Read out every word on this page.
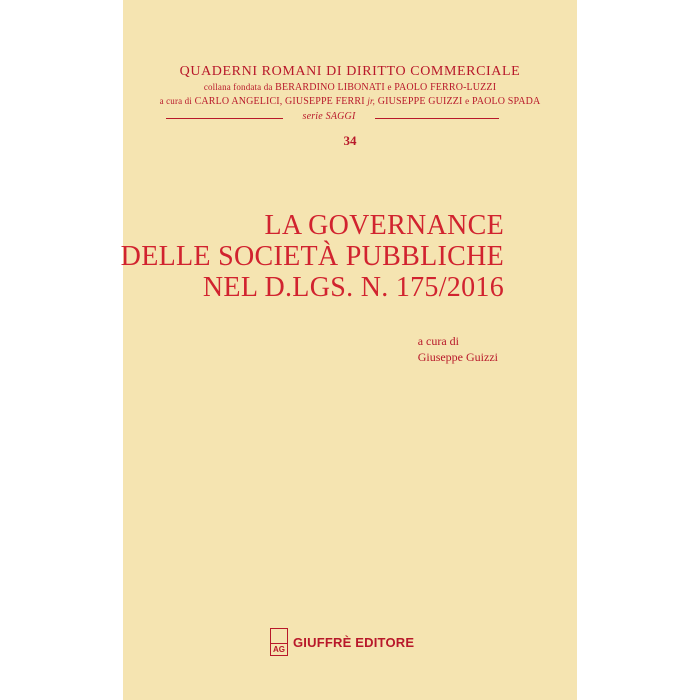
QUADERNI ROMANI DI DIRITTO COMMERCIALE
collana fondata da BERARDINO LIBONATI e PAOLO FERRO-LUZZI
a cura di CARLO ANGELICI, GIUSEPPE FERRI jr, GIUSEPPE GUIZZI e PAOLO SPADA
serie SAGGI
34
LA GOVERNANCE
DELLE SOCIETÀ PUBBLICHE
NEL D.LGS. N. 175/2016
a cura di
Giuseppe Guizzi
AG GIUFFRÈ EDITORE
